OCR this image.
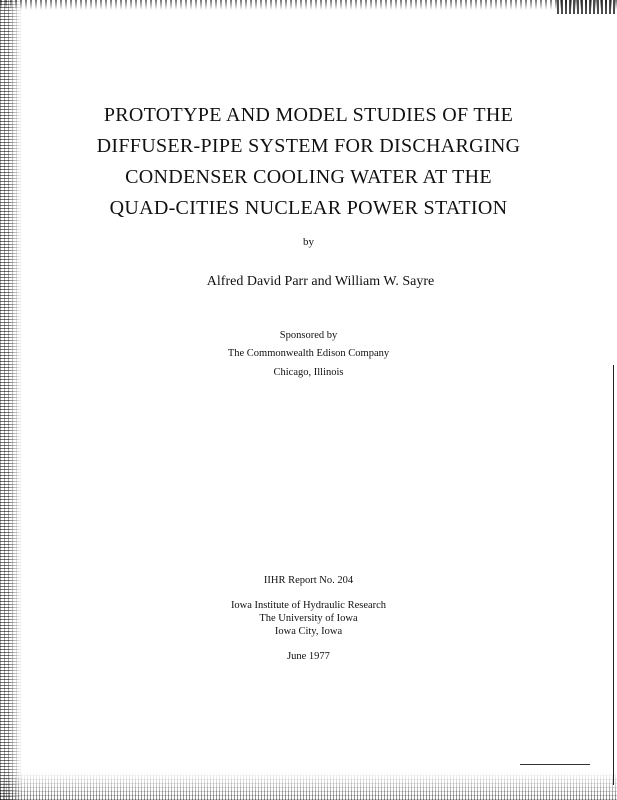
PROTOTYPE AND MODEL STUDIES OF THE
DIFFUSER-PIPE SYSTEM FOR DISCHARGING
CONDENSER COOLING WATER AT THE
QUAD-CITIES NUCLEAR POWER STATION
by
Alfred David Parr and William W. Sayre
Sponsored by
The Commonwealth Edison Company
Chicago, Illinois
IIHR Report No. 204
Iowa Institute of Hydraulic Research
The University of Iowa
Iowa City, Iowa
June 1977
